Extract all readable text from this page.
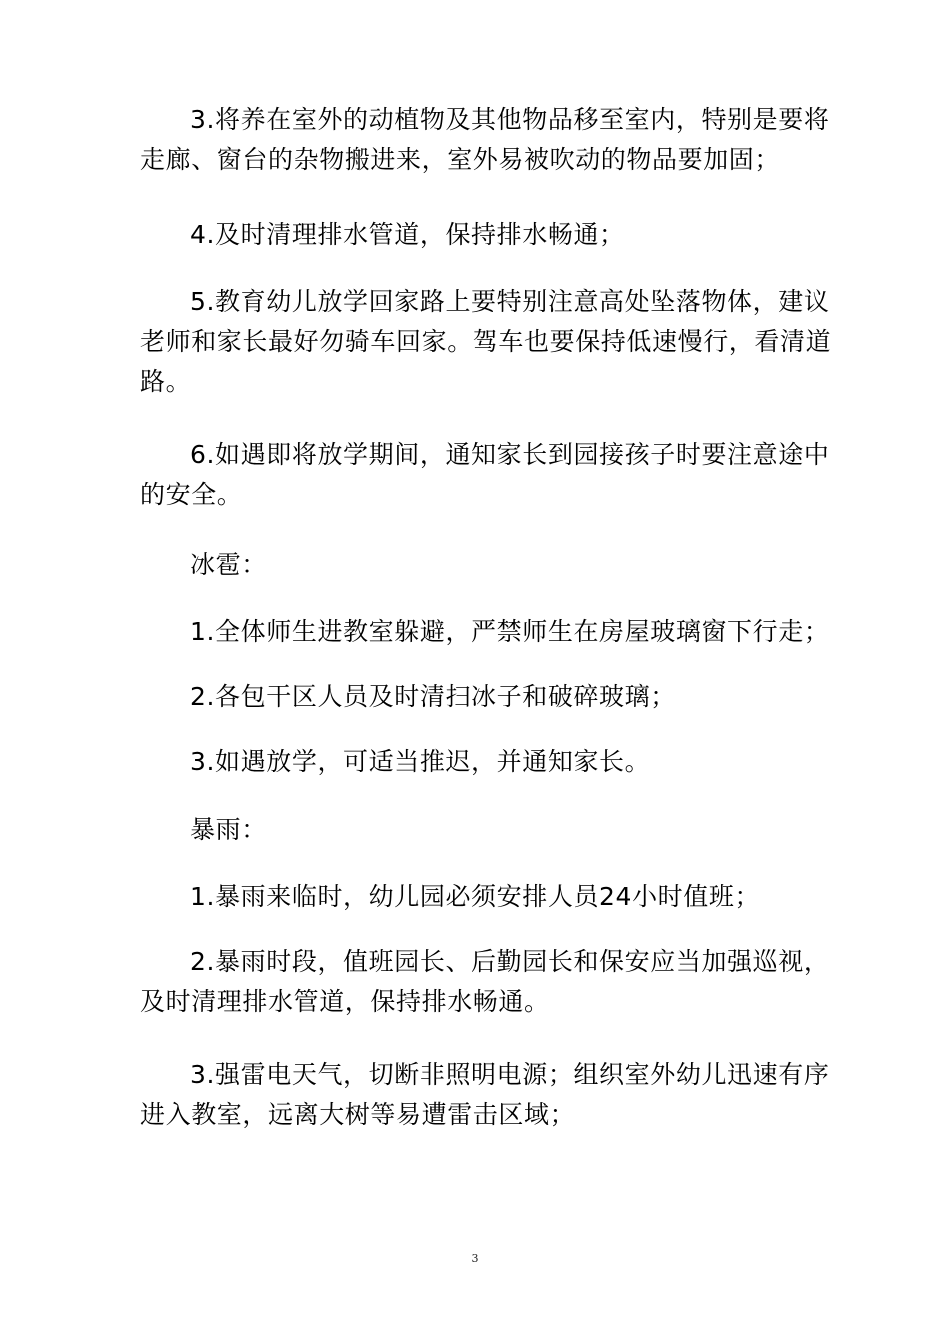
3.将养在室外的动植物及其他物品移至室内，特别是要将走廊、窗台的杂物搬进来，室外易被吹动的物品要加固；

4.及时清理排水管道，保持排水畅通；

5.教育幼儿放学回家路上要特别注意高处坠落物体，建议老师和家长最好勿骑车回家。驾车也要保持低速慢行，看清道路。

6.如遇即将放学期间，通知家长到园接孩子时要注意途中的安全。

冰雹：

1.全体师生进教室躲避，严禁师生在房屋玻璃窗下行走；

2.各包干区人员及时清扫冰子和破碎玻璃；

3.如遇放学，可适当推迟，并通知家长。

暴雨：

1.暴雨来临时，幼儿园必须安排人员24小时值班；

2.暴雨时段，值班园长、后勤园长和保安应当加强巡视，及时清理排水管道，保持排水畅通。

3.强雷电天气，切断非照明电源；组织室外幼儿迅速有序进入教室，远离大树等易遭雷击区域；

3
